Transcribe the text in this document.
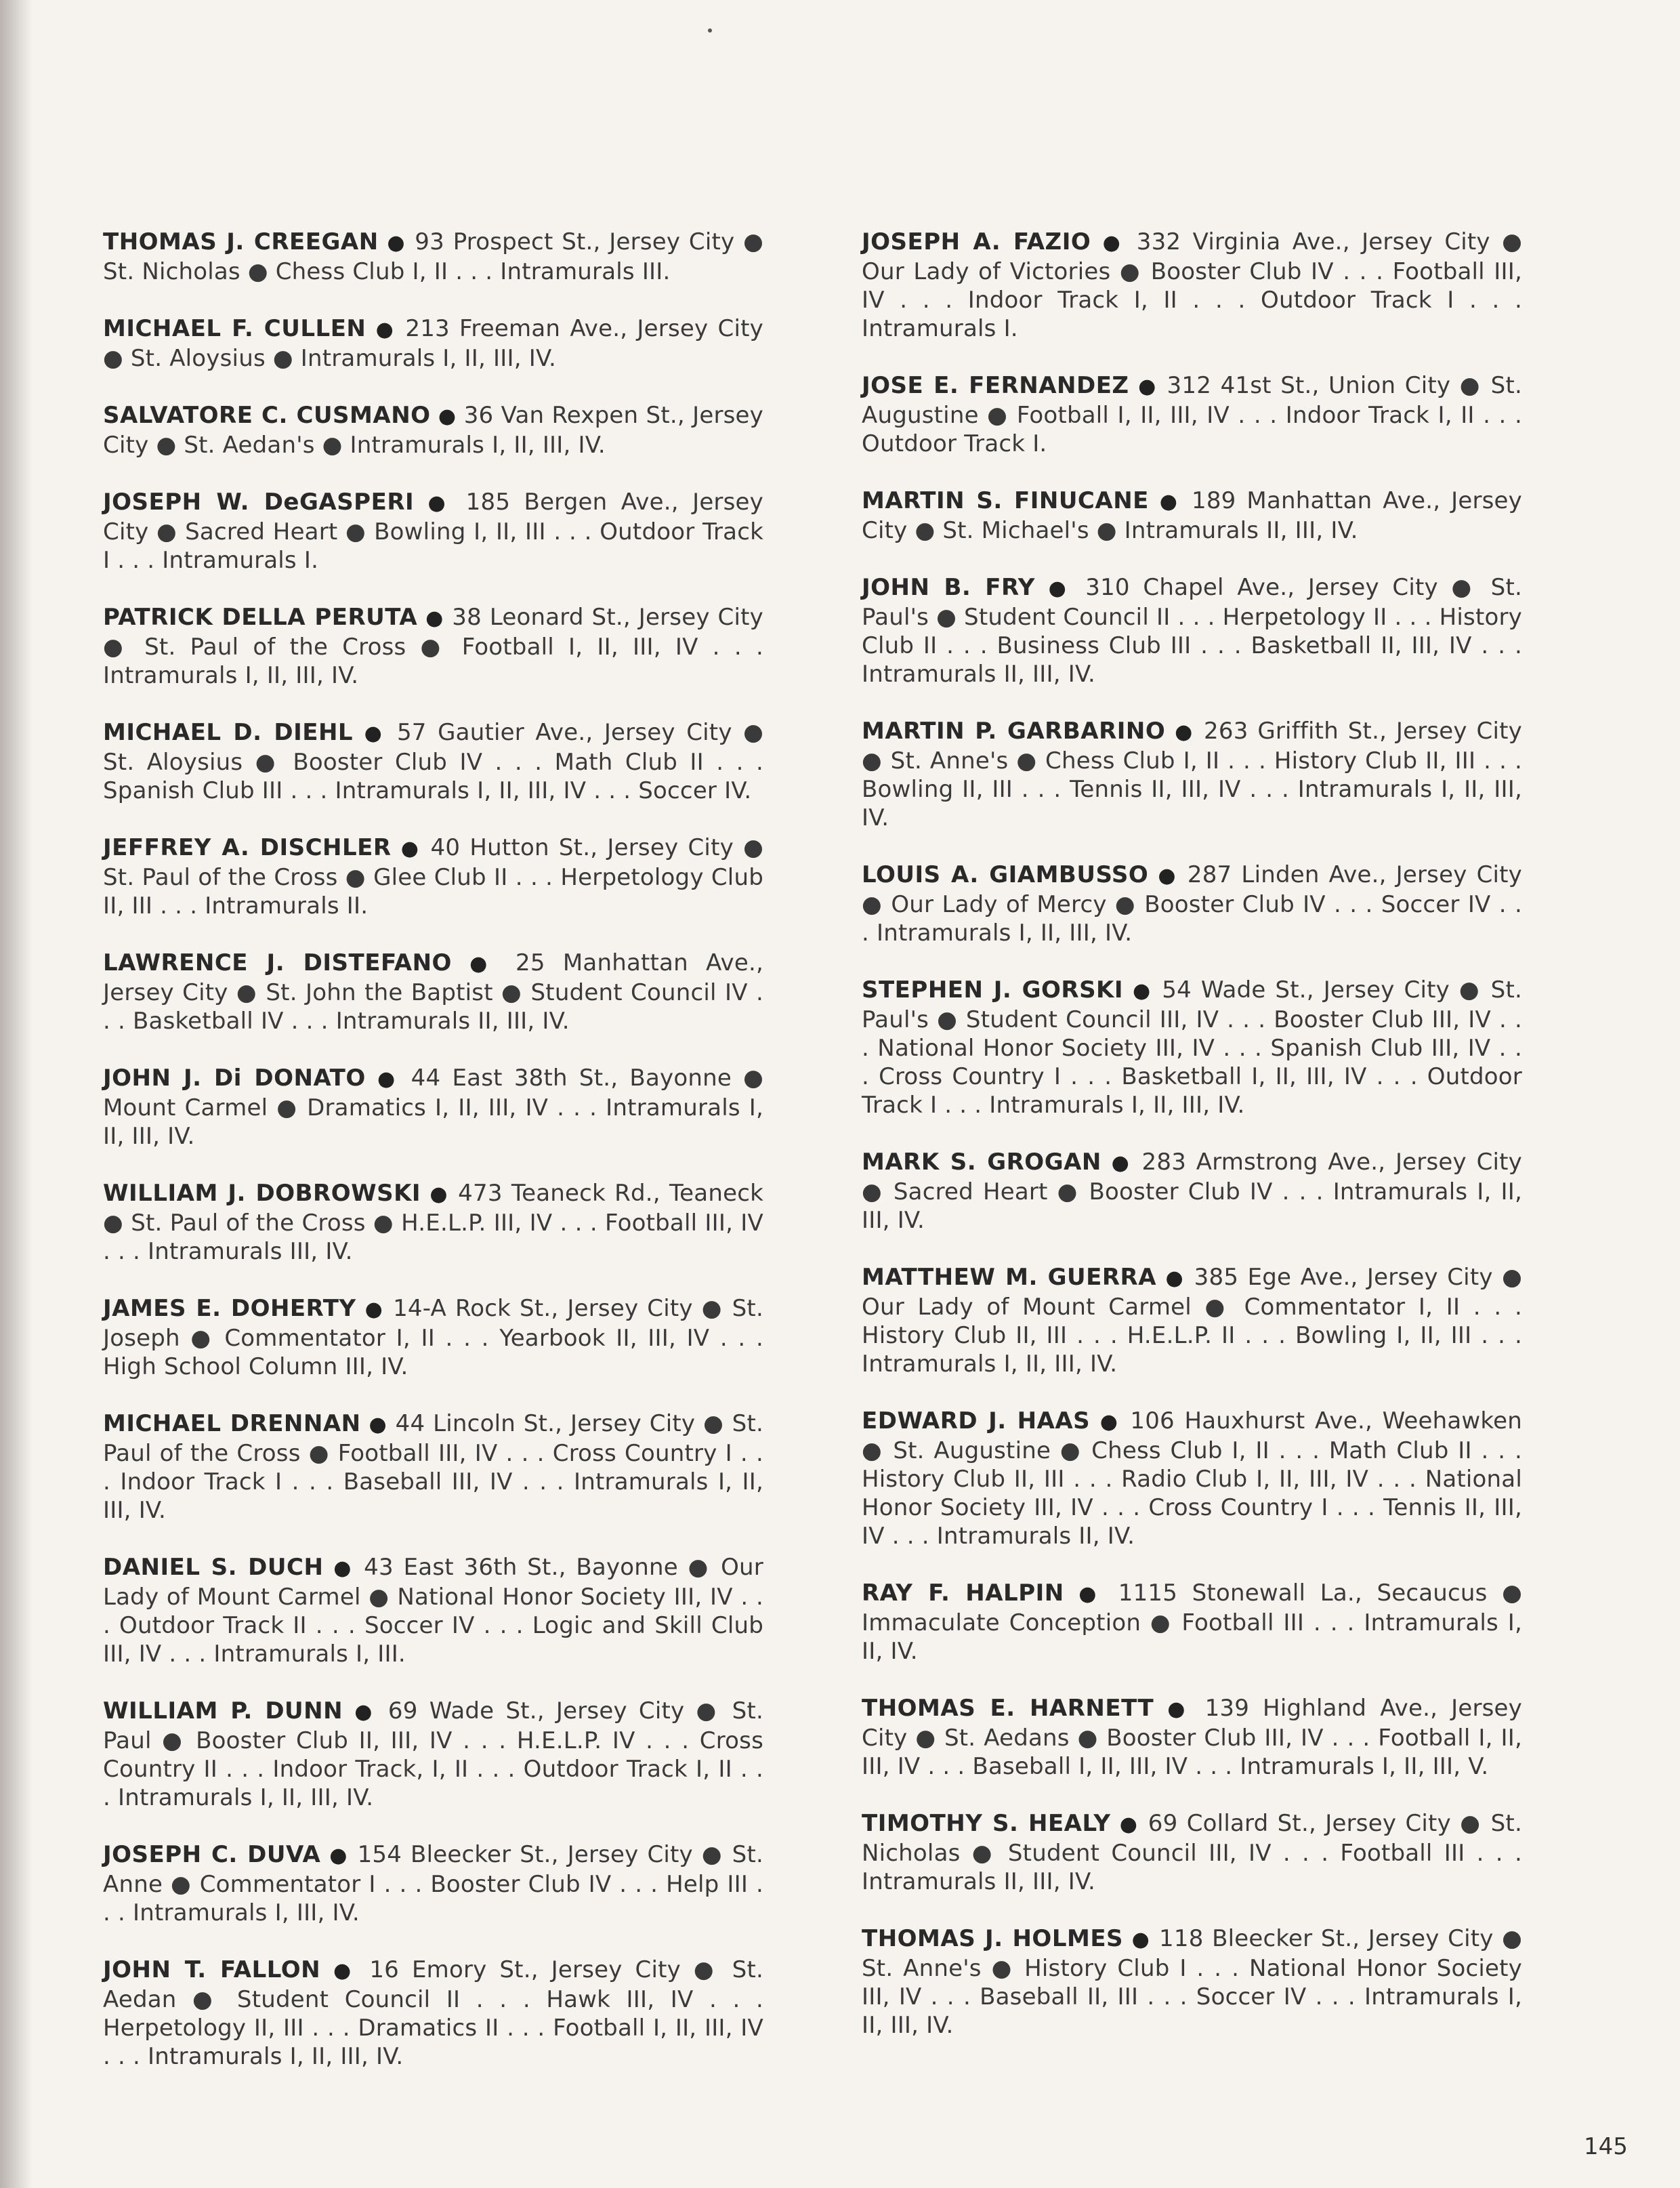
THOMAS J. CREEGAN ● 93 Prospect St., Jersey City ● St. Nicholas ● Chess Club I, II . . . Intramurals III.

MICHAEL F. CULLEN ● 213 Freeman Ave., Jersey City ● St. Aloysius ● Intramurals I, II, III, IV.

SALVATORE C. CUSMANO ● 36 Van Rexpen St., Jersey City ● St. Aedan's ● Intramurals I, II, III, IV.

JOSEPH W. DeGASPERI ● 185 Bergen Ave., Jersey City ● Sacred Heart ● Bowling I, II, III . . . Outdoor Track I . . . Intramurals I.

PATRICK DELLA PERUTA ● 38 Leonard St., Jersey City ● St. Paul of the Cross ● Football I, II, III, IV . . . Intramurals I, II, III, IV.

MICHAEL D. DIEHL ● 57 Gautier Ave., Jersey City ● St. Aloysius ● Booster Club IV . . . Math Club II . . . Spanish Club III . . . Intramurals I, II, III, IV . . . Soccer IV.

JEFFREY A. DISCHLER ● 40 Hutton St., Jersey City ● St. Paul of the Cross ● Glee Club II . . . Herpetology Club II, III . . . Intramurals II.

LAWRENCE J. DISTEFANO ● 25 Manhattan Ave., Jersey City ● St. John the Baptist ● Student Council IV . . . Basketball IV . . . Intramurals II, III, IV.

JOHN J. Di DONATO ● 44 East 38th St., Bayonne ● Mount Carmel ● Dramatics I, II, III, IV . . . Intramurals I, II, III, IV.

WILLIAM J. DOBROWSKI ● 473 Teaneck Rd., Teaneck ● St. Paul of the Cross ● H.E.L.P. III, IV . . . Football III, IV . . . Intramurals III, IV.

JAMES E. DOHERTY ● 14-A Rock St., Jersey City ● St. Joseph ● Commentator I, II . . . Yearbook II, III, IV . . . High School Column III, IV.

MICHAEL DRENNAN ● 44 Lincoln St., Jersey City ● St. Paul of the Cross ● Football III, IV . . . Cross Country I . . . Indoor Track I . . . Baseball III, IV . . . Intramurals I, II, III, IV.

DANIEL S. DUCH ● 43 East 36th St., Bayonne ● Our Lady of Mount Carmel ● National Honor Society III, IV . . . Outdoor Track II . . . Soccer IV . . . Logic and Skill Club III, IV . . . Intramurals I, III.

WILLIAM P. DUNN ● 69 Wade St., Jersey City ● St. Paul ● Booster Club II, III, IV . . . H.E.L.P. IV . . . Cross Country II . . . Indoor Track, I, II . . . Outdoor Track I, II . . . Intramurals I, II, III, IV.

JOSEPH C. DUVA ● 154 Bleecker St., Jersey City ● St. Anne ● Commentator I . . . Booster Club IV . . . Help III . . . Intramurals I, III, IV.

JOHN T. FALLON ● 16 Emory St., Jersey City ● St. Aedan ● Student Council II . . . Hawk III, IV . . . Herpetology II, III . . . Dramatics II . . . Football I, II, III, IV . . . Intramurals I, II, III, IV.

JOSEPH A. FAZIO ● 332 Virginia Ave., Jersey City ● Our Lady of Victories ● Booster Club IV . . . Football III, IV . . . Indoor Track I, II . . . Outdoor Track I . . . Intramurals I.

JOSE E. FERNANDEZ ● 312 41st St., Union City ● St. Augustine ● Football I, II, III, IV . . . Indoor Track I, II . . . Outdoor Track I.

MARTIN S. FINUCANE ● 189 Manhattan Ave., Jersey City ● St. Michael's ● Intramurals II, III, IV.

JOHN B. FRY ● 310 Chapel Ave., Jersey City ● St. Paul's ● Student Council II . . . Herpetology II . . . History Club II . . . Business Club III . . . Basketball II, III, IV . . . Intramurals II, III, IV.

MARTIN P. GARBARINO ● 263 Griffith St., Jersey City ● St. Anne's ● Chess Club I, II . . . History Club II, III . . . Bowling II, III . . . Tennis II, III, IV . . . Intramurals I, II, III, IV.

LOUIS A. GIAMBUSSO ● 287 Linden Ave., Jersey City ● Our Lady of Mercy ● Booster Club IV . . . Soccer IV . . . Intramurals I, II, III, IV.

STEPHEN J. GORSKI ● 54 Wade St., Jersey City ● St. Paul's ● Student Council III, IV . . . Booster Club III, IV . . . National Honor Society III, IV . . . Spanish Club III, IV . . . Cross Country I . . . Basketball I, II, III, IV . . . Outdoor Track I . . . Intramurals I, II, III, IV.

MARK S. GROGAN ● 283 Armstrong Ave., Jersey City ● Sacred Heart ● Booster Club IV . . . Intramurals I, II, III, IV.

MATTHEW M. GUERRA ● 385 Ege Ave., Jersey City ● Our Lady of Mount Carmel ● Commentator I, II . . . History Club II, III . . . H.E.L.P. II . . . Bowling I, II, III . . . Intramurals I, II, III, IV.

EDWARD J. HAAS ● 106 Hauxhurst Ave., Weehawken ● St. Augustine ● Chess Club I, II . . . Math Club II . . . History Club II, III . . . Radio Club I, II, III, IV . . . National Honor Society III, IV . . . Cross Country I . . . Tennis II, III, IV . . . Intramurals II, IV.

RAY F. HALPIN ● 1115 Stonewall La., Secaucus ● Immaculate Conception ● Football III . . . Intramurals I, II, IV.

THOMAS E. HARNETT ● 139 Highland Ave., Jersey City ● St. Aedans ● Booster Club III, IV . . . Football I, II, III, IV . . . Baseball I, II, III, IV . . . Intramurals I, II, III, V.

TIMOTHY S. HEALY ● 69 Collard St., Jersey City ● St. Nicholas ● Student Council III, IV . . . Football III . . . Intramurals II, III, IV.

THOMAS J. HOLMES ● 118 Bleecker St., Jersey City ● St. Anne's ● History Club I . . . National Honor Society III, IV . . . Baseball II, III . . . Soccer IV . . . Intramurals I, II, III, IV.

145
